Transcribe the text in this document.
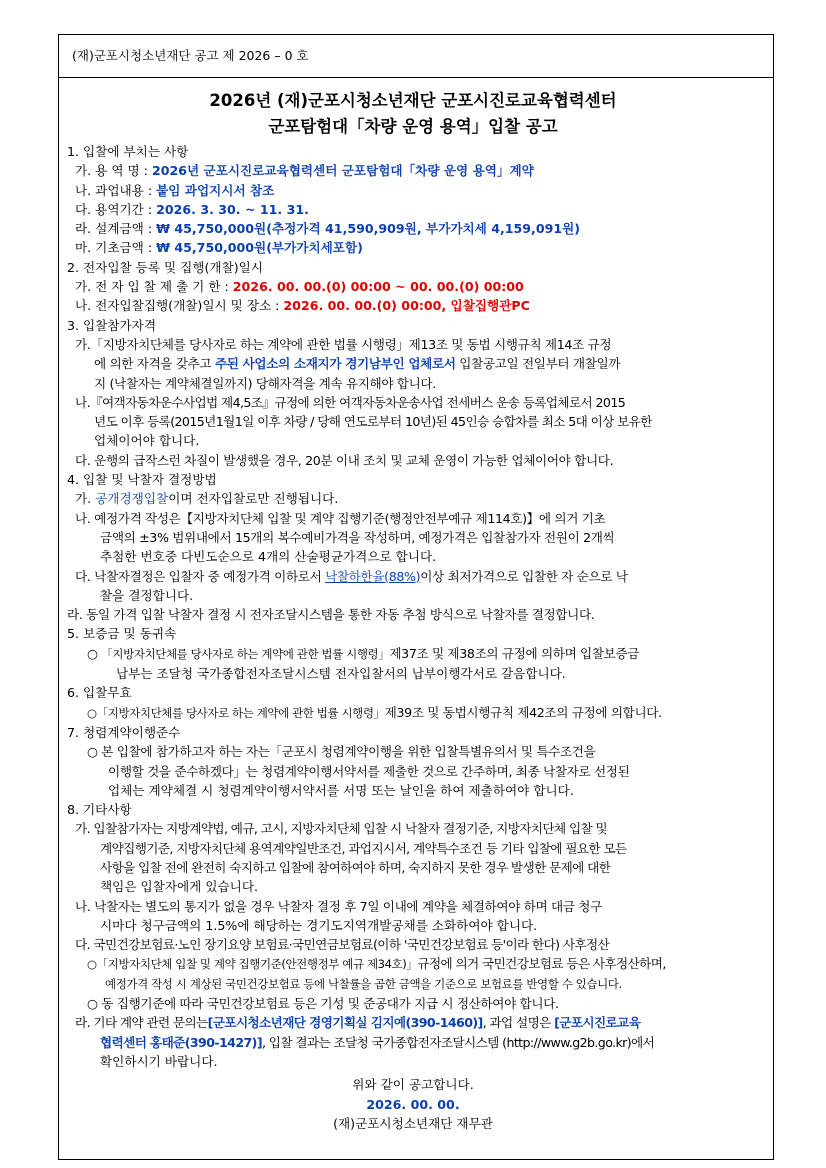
(재)군포시청소년재단 공고 제 2026 – 0 호
2026년 (재)군포시청소년재단 군포시진로교육협력센터
군포탐험대「차량 운영 용역」입찰 공고
1. 입찰에 부치는 사항
가. 용 역 명 : 2026년 군포시진로교육협력센터 군포탐험대「차량 운영 용역」계약
나. 과업내용 : 붙임 과업지시서 참조
다. 용역기간 : 2026. 3. 30. ~ 11. 31.
라. 설계금액 : ₩ 45,750,000원(추정가격 41,590,909원, 부가가치세 4,159,091원)
마. 기초금액 : ₩ 45,750,000원(부가가치세포함)
2. 전자입찰 등록 및 집행(개찰)일시
가. 전 자 입 찰 제 출 기 한 : 2026. 00. 00.(0) 00:00 ~ 00. 00.(0) 00:00
나. 전자입찰집행(개찰)일시 및 장소 : 2026. 00. 00.(0) 00:00, 입찰집행관PC
3. 입찰참가자격
가.「지방자치단체를 당사자로 하는 계약에 관한 법률 시행령」제13조 및 동법 시행규칙 제14조 규정
에 의한 자격을 갖추고 주된 사업소의 소재지가 경기남부인 업체로서 입찰공고일 전일부터 개찰일까
지 (낙찰자는 계약체결일까지) 당해자격을 계속 유지해야 합니다.
나.『여객자동차운수사업법 제4,5조』규정에 의한 여객자동차운송사업 전세버스 운송 등록업체로서 2015
년도 이후 등록(2015년1월1일 이후 차량 / 당해 연도로부터 10년)된 45인승 승합차를 최소 5대 이상 보유한
업체이어야 합니다.
다. 운행의 급작스런 차질이 발생했을 경우, 20분 이내 조치 및 교체 운영이 가능한 업체이어야 합니다.
4. 입찰 및 낙찰자 결정방법
가. 공개경쟁입찰이며 전자입찰로만 진행됩니다.
나. 예정가격 작성은【지방자치단체 입찰 및 계약 집행기준(행정안전부예규 제114호)】에 의거 기초
금액의 ±3% 범위내에서 15개의 복수예비가격을 작성하며, 예정가격은 입찰참가자 전원이 2개씩
추첨한 번호중 다빈도순으로 4개의 산술평균가격으로 합니다.
다. 낙찰자결정은 입찰자 중 예정가격 이하로서 낙찰하한율(88%)이상 최저가격으로 입찰한 자 순으로 낙
찰을 결정합니다.
라. 동일 가격 입찰 낙찰자 결정 시 전자조달시스템을 통한 자동 추첨 방식으로 낙찰자를 결정합니다.
5. 보증금 및 동귀속
○ 「지방자치단체를 당사자로 하는 계약에 관한 법률 시행령」제37조 및 제38조의 규정에 의하며 입찰보증금
납부는 조달청 국가종합전자조달시스템 전자입찰서의 납부이행각서로 갈음합니다.
6. 입찰무효
○「지방자치단체를 당사자로 하는 계약에 관한 법률 시행령」제39조 및 동법시행규칙 제42조의 규정에 의합니다.
7. 청렴계약이행준수
○ 본 입찰에 참가하고자 하는 자는「군포시 청렴계약이행을 위한 입찰특별유의서 및 특수조건을
이행할 것을 준수하겠다」는 청렴계약이행서약서를 제출한 것으로 간주하며, 최종 낙찰자로 선정된
업체는 계약체결 시 청렴계약이행서약서를 서명 또는 날인을 하여 제출하여야 합니다.
8. 기타사항
가. 입찰참가자는 지방계약법, 예규, 고시, 지방자치단체 입찰 시 낙찰자 결정기준, 지방자치단체 입찰 및
계약집행기준, 지방자치단체 용역계약일반조건, 과업지시서, 계약특수조건 등 기타 입찰에 필요한 모든
사항을 입찰 전에 완전히 숙지하고 입찰에 참여하여야 하며, 숙지하지 못한 경우 발생한 문제에 대한
책임은 입찰자에게 있습니다.
나. 낙찰자는 별도의 통지가 없을 경우 낙찰자 결정 후 7일 이내에 계약을 체결하여야 하며 대금 청구
시마다 청구금액의 1.5%에 해당하는 경기도지역개발공채를 소화하여야 합니다.
다. 국민건강보험료·노인 장기요양 보험료·국민연금보험료(이하 '국민건강보험료 등'이라 한다) 사후정산
○「지방자치단체 입찰 및 계약 집행기준(안전행정부 예규 제34호)」규정에 의거 국민건강보험료 등은 사후정산하며,
예정가격 작성 시 계상된 국민건강보험료 등에 낙찰률을 곱한 금액을 기준으로 보험료를 반영할 수 있습니다.
○ 동 집행기준에 따라 국민건강보험료 등은 기성 및 준공대가 지급 시 정산하여야 합니다.
라. 기타 계약 관련 문의는[군포시청소년재단 경영기획실 김지예(390-1460)], 과업 설명은 [군포시진로교육
협력센터 홍태준(390-1427)], 입찰 결과는 조달청 국가종합전자조달시스템 (http://www.g2b.go.kr)에서
확인하시기 바랍니다.
위와 같이 공고합니다.
2026. 00. 00.
(재)군포시청소년재단 재무관
